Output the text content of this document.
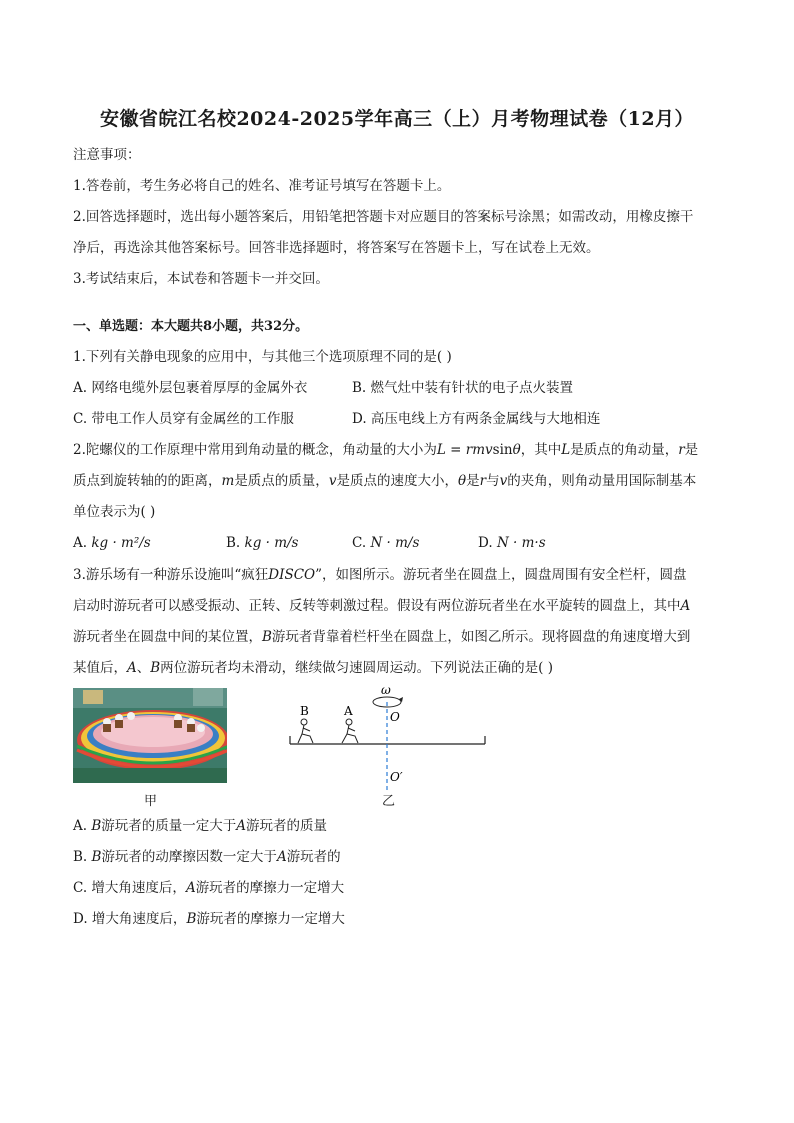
安徽省皖江名校2024-2025学年高三（上）月考物理试卷（12月）
注意事项：
1.答卷前，考生务必将自己的姓名、准考证号填写在答题卡上。
2.回答选择题时，选出每小题答案后，用铅笔把答题卡对应题目的答案标号涂黑；如需改动，用橡皮擦干
净后，再选涂其他答案标号。回答非选择题时，将答案写在答题卡上，写在试卷上无效。
3.考试结束后，本试卷和答题卡一并交回。
一、单选题：本大题共8小题，共32分。
1.下列有关静电现象的应用中，与其他三个选项原理不同的是( )
A. 网络电缆外层包裹着厚厚的金属外衣	B. 燃气灶中装有针状的电子点火装置
C. 带电工作人员穿有金属丝的工作服	D. 高压电线上方有两条金属线与大地相连
2.陀螺仪的工作原理中常用到角动量的概念，角动量的大小为L = rmvsinθ，其中L是质点的角动量，r是
质点到旋转轴的的距离，m是质点的质量，v是质点的速度大小，θ是r与v的夹角，则角动量用国际制基本
单位表示为( )
A. kg · m²/s	B. kg · m/s	C. N · m/s	D. N · m·s
3.游乐场有一种游乐设施叫“疯狂DISCO”，如图所示。游玩者坐在圆盘上，圆盘周围有安全栏杆，圆盘
启动时游玩者可以感受振动、正转、反转等刺激过程。假设有两位游玩者坐在水平旋转的圆盘上，其中A
游玩者坐在圆盘中间的某位置，B游玩者背靠着栏杆坐在圆盘上，如图乙所示。现将圆盘的角速度增大到
某值后，A、B两位游玩者均未滑动，继续做匀速圆周运动。下列说法正确的是( )
甲
B	A
ω
O
O′
乙
A. B游玩者的质量一定大于A游玩者的质量
B. B游玩者的动摩擦因数一定大于A游玩者的
C. 增大角速度后，A游玩者的摩擦力一定增大
D. 增大角速度后，B游玩者的摩擦力一定增大
